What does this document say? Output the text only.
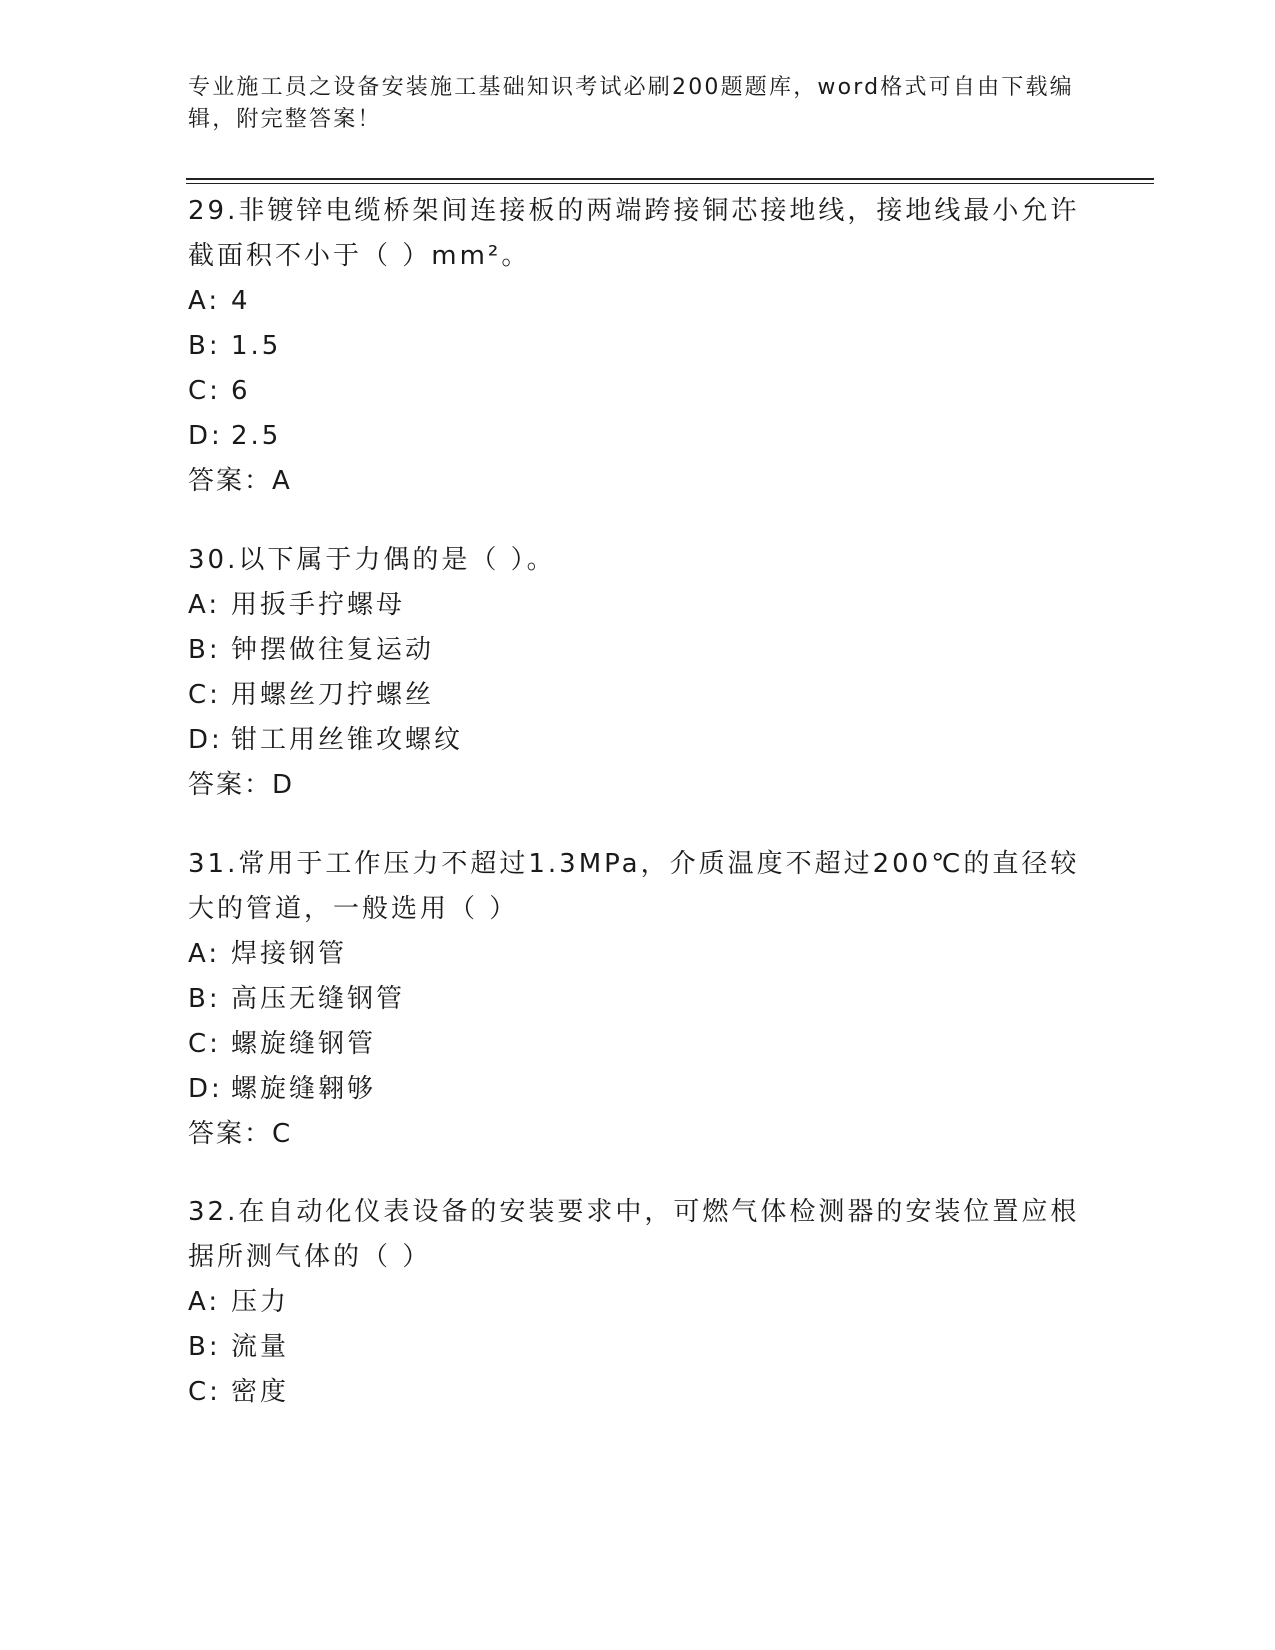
专业施工员之设备安装施工基础知识考试必刷200题题库，word格式可自由下载编辑，附完整答案！
29.非镀锌电缆桥架间连接板的两端跨接铜芯接地线，接地线最小允许截面积不小于（ ）mm²。
A: 4
B: 1.5
C: 6
D: 2.5
答案：A
30.以下属于力偶的是（ ）。
A: 用扳手拧螺母
B: 钟摆做往复运动
C: 用螺丝刀拧螺丝
D: 钳工用丝锥攻螺纹
答案：D
31.常用于工作压力不超过1.3MPa，介质温度不超过200℃的直径较大的管道，一般选用（ ）
A: 焊接钢管
B: 高压无缝钢管
C: 螺旋缝钢管
D: 螺旋缝翱够
答案：C
32.在自动化仪表设备的安装要求中，可燃气体检测器的安装位置应根据所测气体的（ ）
A: 压力
B: 流量
C: 密度
